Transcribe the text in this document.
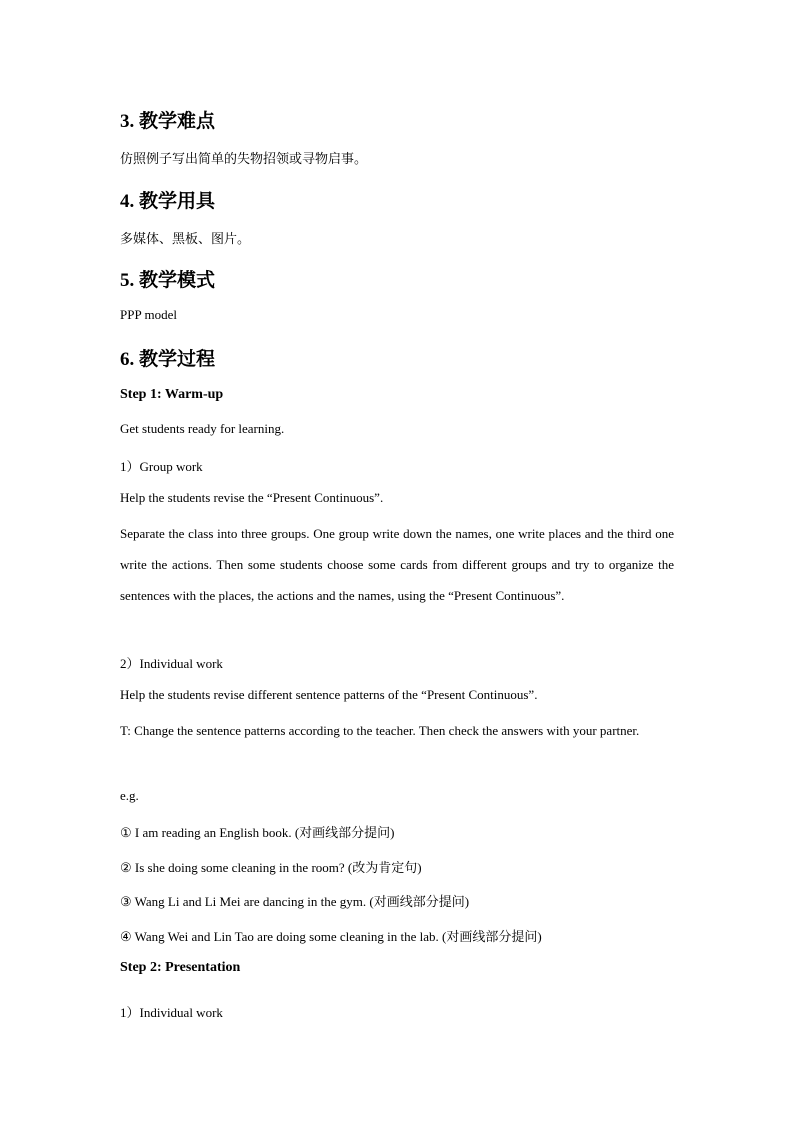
3. 教学难点
仿照例子写出简单的失物招领或寻物启事。
4. 教学用具
多媒体、黑板、图片。
5. 教学模式
PPP model
6. 教学过程
Step 1: Warm-up
Get students ready for learning.
1）Group work
Help the students revise the “Present Continuous”.

Separate the class into three groups. One group write down the names, one write places and the third one write the actions. Then some students choose some cards from different groups and try to organize the sentences with the places, the actions and the names, using the “Present Continuous”.

2）Individual work
Help the students revise different sentence patterns of the “Present Continuous”.

T: Change the sentence patterns according to the teacher. Then check the answers with your partner.

e.g.
① I am reading an English book. (对画线部分提问)
② Is she doing some cleaning in the room? (改为肯定句)
③ Wang Li and Li Mei are dancing in the gym. (对画线部分提问)
④ Wang Wei and Lin Tao are doing some cleaning in the lab. (对画线部分提问)
Step 2: Presentation
1）Individual work
